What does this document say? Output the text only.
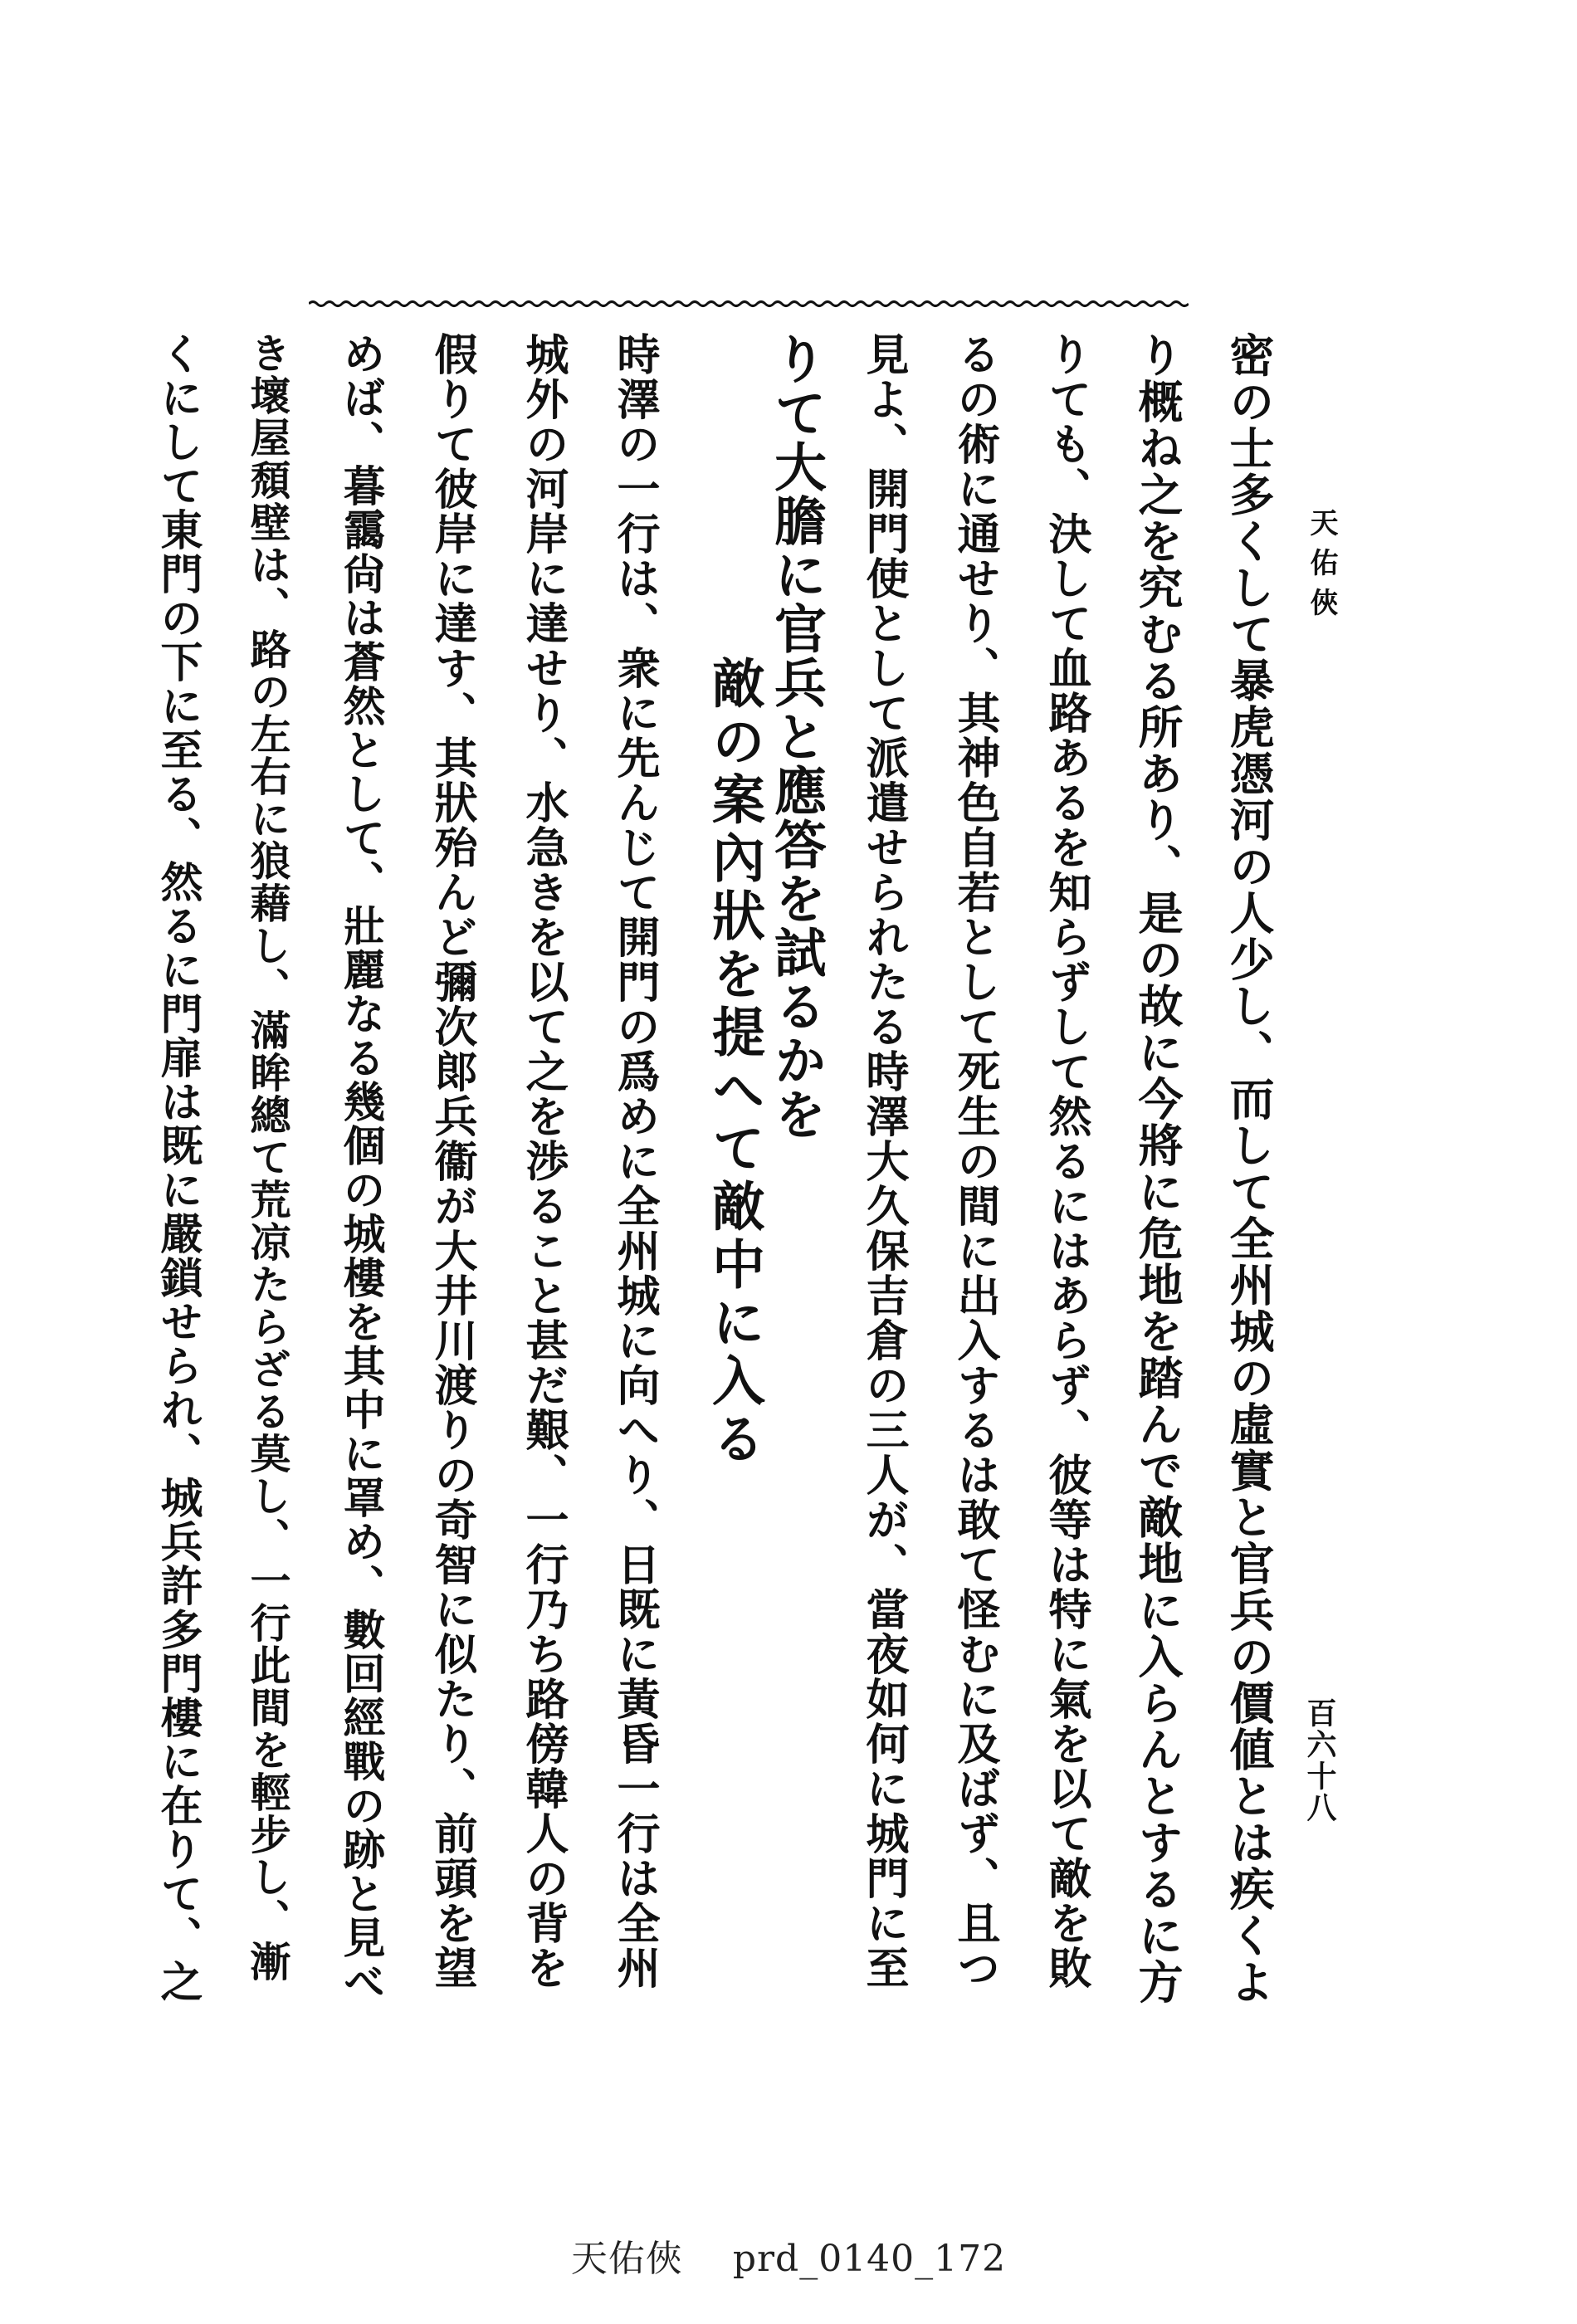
天佑俠
百六十八
密の士多くして暴虎憑河の人少し、而して全州城の虛實と官兵の價値とは疾くよ
り概ね之を究むる所あり、是の故に今將に危地を踏んで敵地に入らんとするに方
りても、決して血路あるを知らずして然るにはあらず、彼等は特に氣を以て敵を敗
るの術に通せり、其神色自若として死生の間に出入するは敢て怪むに及ばず、且つ
見よ、開門使として派遣せられたる時澤大久保吉倉の三人が、當夜如何に城門に至
りて大膽に官兵と應答を試るかを
敵の案內狀を提へて敵中に入る
時澤の一行は、衆に先んじて開門の爲めに全州城に向へり、日既に黃昏一行は全州
城外の河岸に達せり、水急きを以て之を渉ること甚だ艱、一行乃ち路傍韓人の背を
假りて彼岸に達す、其狀殆んど彌次郞兵衞が大井川渡りの奇智に似たり、前頭を望
めば、暮靄尙は蒼然として、壯麗なる幾個の城樓を其中に罩め、數回經戰の跡と見べ
き壞屋頹壁は、路の左右に狼藉し、滿眸總て荒凉たらざる莫し、一行此間を輕步し、漸
くにして東門の下に至る、然るに門扉は既に嚴鎖せられ、城兵許多門樓に在りて、之
天佑俠 prd_0140_172
